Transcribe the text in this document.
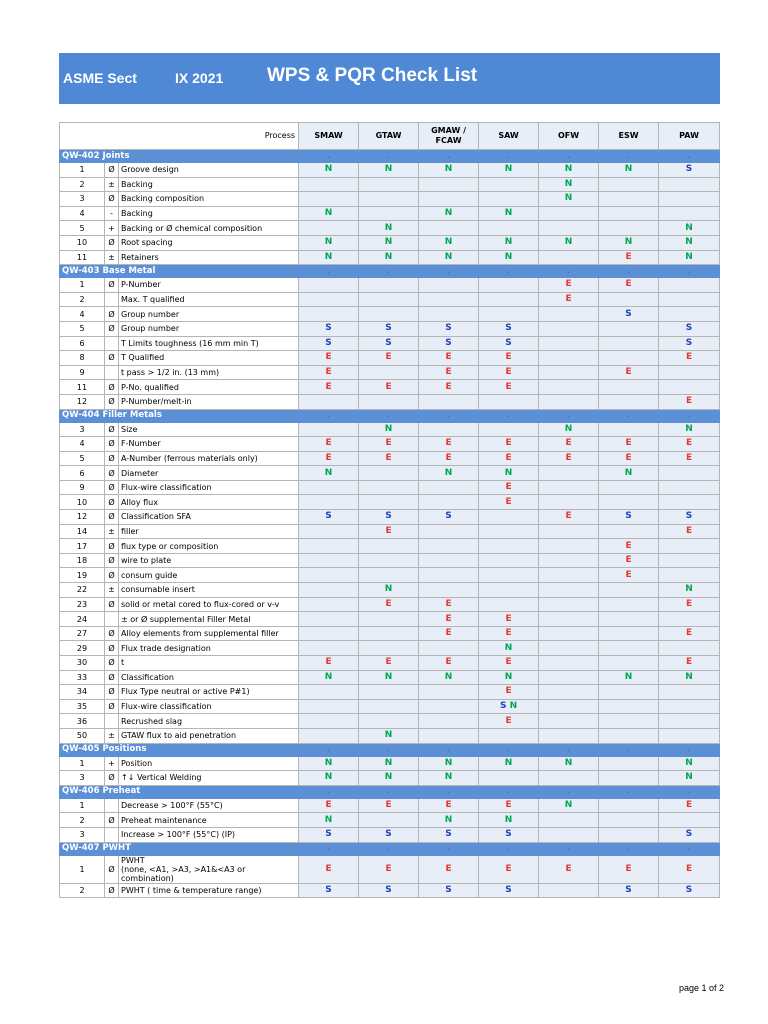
ASME Sect	IX 2021 WPS & PQR Check List
Process			SMAW	GTAW	GMAW /
FCAW	SAW	OFW	ESW	PAW
QW-402 Joints			.	.	.	.	.	.	.
1	Ø	Groove design	N	N	N	N	N	N	S
2	±	Backing					N		
3	Ø	Backing composition					N		
4	-	Backing	N		N	N			
5	+	Backing or Ø chemical composition		N					N
10	Ø	Root spacing	N	N	N	N	N	N	N
11	±	Retainers	N	N	N	N		E	N
QW-403 Base Metal			.	.	.	.	.	.	.
1	Ø	P-Number					E	E	
2		Max. T qualified					E		
4	Ø	Group number						S	
5	Ø	Group number	S	S	S	S			S
6		T Limits toughness (16 mm min T)	S	S	S	S			S
8	Ø	T Qualified	E	E	E	E			E
9		t pass > 1/2 in. (13 mm)	E		E	E		E	
11	Ø	P-No. qualified	E	E	E	E			
12	Ø	P-Number/melt-in							E
QW-404 Filler Metals			.	.	.	.	.	.	.
3	Ø	Size		N			N		N
4	Ø	F-Number	E	E	E	E	E	E	E
5	Ø	A-Number (ferrous materials only)	E	E	E	E	E	E	E
6	Ø	Diameter	N		N	N		N	
9	Ø	Flux-wire classification				E			
10	Ø	Alloy flux				E			
12	Ø	Classification SFA	S	S	S		E	S	S
14	±	filler		E					E
17	Ø	flux type or composition						E	
18	Ø	wire to plate						E	
19	Ø	consum guide						E	
22	±	consumable insert		N					N
23	Ø	solid or metal cored to flux-cored or v-v		E	E				E
24		± or Ø supplemental Filler Metal			E	E			
27	Ø	Alloy elements from supplemental filler			E	E			E
29	Ø	Flux trade designation				N			
30	Ø	t	E	E	E	E			E
33	Ø	Classification	N	N	N	N		N	N
34	Ø	Flux Type neutral or active P#1)				E			
35	Ø	Flux-wire classification				S N			
36		Recrushed slag				E			
50	±	GTAW flux to aid penetration		N					
QW-405 Positions			.	.	.	.	.	.	.
1	+	Position	N	N	N	N	N		N
3	Ø	↑↓ Vertical Welding	N	N	N				N
QW-406 Preheat			.	.	.	.	.	.	.
1		Decrease > 100°F (55°C)	E	E	E	E	N		E
2	Ø	Preheat maintenance	N		N	N			
3		Increase > 100°F (55°C) (IP)	S	S	S	S			S
QW-407 PWHT			.	.	.	.	.	.	.
1	Ø	PWHT
(none, <A1, >A3, >A1&<A3 or combination)	E	E	E	E	E	E	E
2	Ø	PWHT ( time & temperature range)	S	S	S	S		S	S
page 1 of 2
